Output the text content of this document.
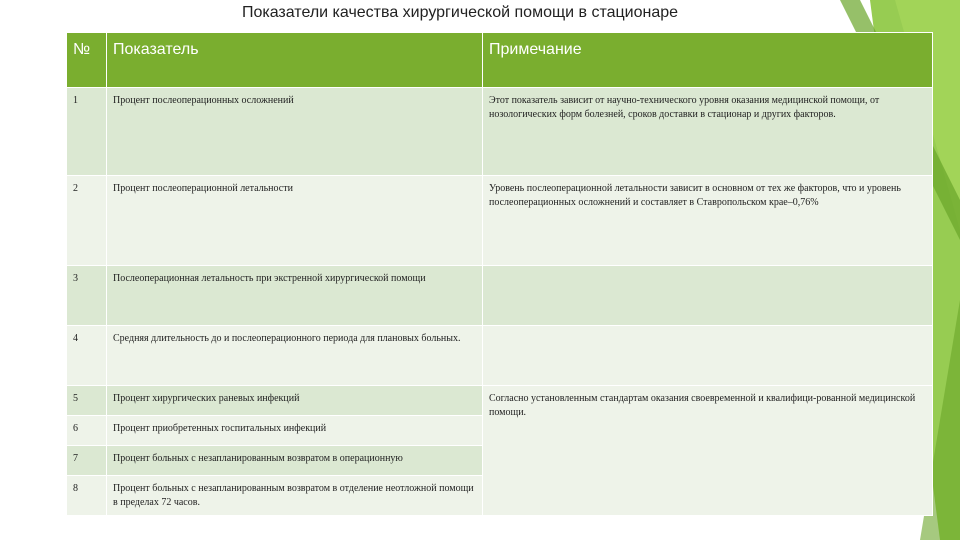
Показатели качества хирургической помощи в стационаре
№	Показатель	Примечание
1	Процент послеоперационных осложнений	Этот показатель зависит от научно-технического уровня оказания медицинской помощи, от нозологических форм болезней, сроков доставки в стационар и других факторов.
2	Процент послеоперационной летальности	Уровень послеоперационной летальности зависит в основном от тех же факторов, что и уровень послеоперационных осложнений и составляет в Ставропольском крае–0,76%
3	Послеоперационная летальность при экстренной хирургической помощи	
4	Средняя длительность до и послеоперационного периода для плановых больных.	
5	Процент хирургических раневых инфекций	Согласно установленным стандартам оказания своевременной и квалифици-рованной медицинской помощи.
6	Процент приобретенных госпитальных инфекций	
7	Процент больных с незапланированным возвратом в операционную	
8	Процент больных с незапланированным возвратом в отделение неотложной помощи в пределах 72 часов.	
